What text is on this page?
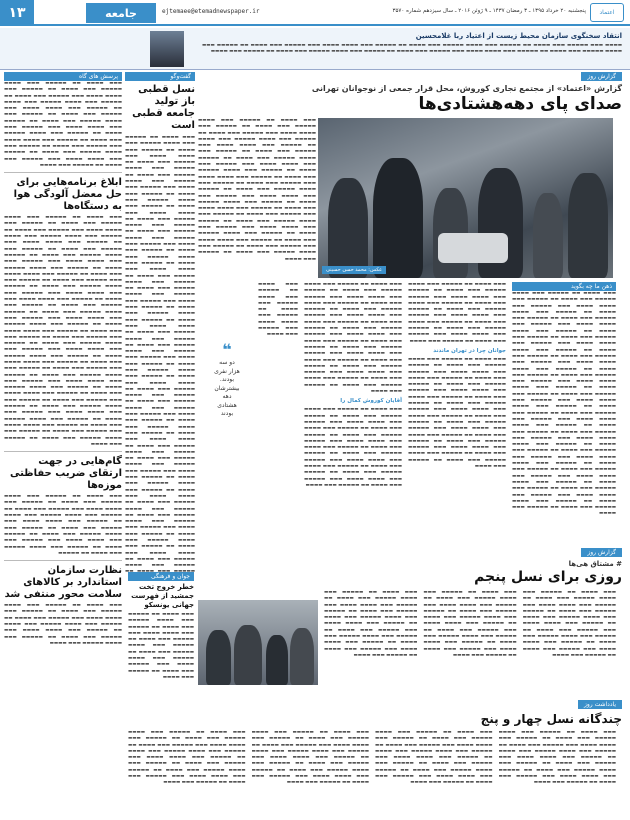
۱۳	جامعه	ejtemaee@etemadnewspaper.ir	پنجشنبه ۲۰ خرداد ۱۳۹۵ ـ ۳ رمضان ۱۴۳۷ ـ ۹ ژوئن ۲۰۱۶ ـ سال سیزدهم شماره ۳۵۷۰	اعتماد
انتقاد سخنگوی سازمان محیط زیست از اعتیاد ربا غلامحسین
▬▬▬▬ ▬▬▬ ▬▬▬▬▬ ▬▬▬ ▬▬▬▬ ▬▬ ▬▬▬▬▬ ▬▬▬ ▬▬▬▬ ▬▬▬▬▬ ▬▬▬ ▬▬▬▬ ▬▬ ▬▬▬▬▬ ▬▬▬ ▬▬▬▬ ▬▬▬▬ ▬▬▬ ▬▬▬▬▬ ▬▬▬ ▬▬▬▬ ▬▬ ▬▬▬▬▬ ▬▬▬ ▬▬▬▬ ▬▬▬▬▬ ▬▬▬ ▬▬▬▬ ▬▬ ▬▬▬▬▬ ▬▬▬ ▬▬▬▬ ▬▬▬▬ ▬▬▬ ▬▬▬▬▬ ▬▬▬ ▬▬▬▬ ▬▬ ▬▬▬▬▬ ▬▬▬ ▬▬▬▬ ▬▬▬▬▬ ▬▬▬ ▬▬▬▬ ▬▬ ▬▬▬▬▬ ▬▬▬ ▬▬▬▬
پرسش های گاه
▬▬▬ ▬▬▬▬ ▬▬ ▬▬▬▬▬ ▬▬▬ ▬▬▬▬ ▬▬▬▬▬ ▬▬▬ ▬▬▬▬ ▬▬ ▬▬▬▬▬ ▬▬▬ ▬▬▬▬ ▬▬▬▬ ▬▬▬ ▬▬▬▬▬ ▬▬▬ ▬▬▬▬ ▬▬ ▬▬▬▬▬ ▬▬▬ ▬▬▬▬ ▬▬▬▬▬ ▬▬▬ ▬▬▬▬ ▬▬ ▬▬▬▬▬ ▬▬▬ ▬▬▬▬ ▬▬▬▬ ▬▬▬ ▬▬▬▬▬ ▬▬▬ ▬▬▬▬ ▬▬ ▬▬▬▬▬ ▬▬▬ ▬▬▬▬ ▬▬▬▬▬ ▬▬▬ ▬▬▬▬ ▬▬ ▬▬▬▬▬ ▬▬▬ ▬▬▬▬ ▬▬▬▬ ▬▬▬ ▬▬▬▬▬ ▬▬▬ ▬▬▬▬ ▬▬ ▬▬▬▬▬ ▬▬▬ ▬▬▬▬ ▬▬▬▬▬ ▬▬▬ ▬▬▬▬ ▬▬ ▬▬▬▬▬ ▬▬▬ ▬▬▬▬ ▬▬▬▬ ▬▬▬ ▬▬▬▬▬ ▬▬▬ ▬▬▬▬ ▬▬ ▬▬▬▬▬ ▬▬▬ ▬▬▬▬ ▬▬▬▬▬ ▬▬▬ ▬▬▬▬ ▬▬ ▬▬▬▬▬ ▬▬▬ ▬▬▬▬ ▬▬▬▬ ▬▬▬ ▬▬▬▬▬ ▬▬▬ ▬▬▬▬ ▬▬ ▬▬▬▬▬ ▬▬▬ ▬▬▬▬
ابلاغ برنامه‌هایی برای حل معضل آلودگی هوا به دستگاه‌ها
▬▬▬ ▬▬▬▬ ▬▬ ▬▬▬▬▬ ▬▬▬ ▬▬▬▬ ▬▬▬▬▬ ▬▬▬ ▬▬▬▬ ▬▬ ▬▬▬▬▬ ▬▬▬ ▬▬▬▬ ▬▬▬▬ ▬▬▬ ▬▬▬▬▬ ▬▬▬ ▬▬▬▬ ▬▬ ▬▬▬▬▬ ▬▬▬ ▬▬▬▬ ▬▬▬▬▬ ▬▬▬ ▬▬▬▬ ▬▬ ▬▬▬▬▬ ▬▬▬ ▬▬▬▬ ▬▬▬▬ ▬▬▬ ▬▬▬▬▬ ▬▬▬ ▬▬▬▬ ▬▬ ▬▬▬▬▬ ▬▬▬ ▬▬▬▬ ▬▬▬▬▬ ▬▬▬ ▬▬▬▬ ▬▬ ▬▬▬▬▬ ▬▬▬ ▬▬▬▬ ▬▬▬▬ ▬▬▬ ▬▬▬▬▬ ▬▬▬ ▬▬▬▬ ▬▬ ▬▬▬▬▬ ▬▬▬ ▬▬▬▬ ▬▬▬▬▬ ▬▬▬ ▬▬▬▬ ▬▬ ▬▬▬▬▬ ▬▬▬ ▬▬▬▬ ▬▬▬▬ ▬▬▬ ▬▬▬▬▬ ▬▬▬ ▬▬▬▬ ▬▬ ▬▬▬▬▬ ▬▬▬ ▬▬▬▬ ▬▬▬▬▬ ▬▬▬ ▬▬▬▬ ▬▬ ▬▬▬▬▬ ▬▬▬ ▬▬▬▬ ▬▬▬▬ ▬▬▬ ▬▬▬▬▬ ▬▬▬ ▬▬▬▬ ▬▬ ▬▬▬▬▬ ▬▬▬ ▬▬▬▬ ▬▬▬▬ ▬▬▬ ▬▬▬▬▬ ▬▬▬ ▬▬▬▬ ▬▬ ▬▬▬▬▬ ▬▬▬ ▬▬▬▬ ▬▬▬▬▬ ▬▬▬ ▬▬▬▬ ▬▬ ▬▬▬▬▬ ▬▬▬ ▬▬▬▬ ▬▬▬▬ ▬▬▬ ▬▬▬▬▬ ▬▬▬ ▬▬▬▬ ▬▬ ▬▬▬▬▬ ▬▬▬ ▬▬▬▬ ▬▬▬▬▬ ▬▬▬ ▬▬▬▬ ▬▬ ▬▬▬▬▬ ▬▬▬ ▬▬▬▬ ▬▬▬▬ ▬▬▬ ▬▬▬▬▬ ▬▬▬ ▬▬▬▬ ▬▬ ▬▬▬▬▬ ▬▬▬ ▬▬▬▬ ▬▬▬▬▬ ▬▬▬ ▬▬▬▬ ▬▬ ▬▬▬▬▬ ▬▬▬ ▬▬▬▬ ▬▬▬▬ ▬▬▬ ▬▬▬▬▬ ▬▬▬ ▬▬▬▬ ▬▬ ▬▬▬▬▬ ▬▬▬ ▬▬▬▬ ▬▬▬▬▬ ▬▬▬ ▬▬▬▬ ▬▬ ▬▬▬▬▬ ▬▬▬ ▬▬▬▬ ▬▬▬▬ ▬▬▬ ▬▬▬▬▬ ▬▬▬ ▬▬▬▬ ▬▬ ▬▬▬▬▬ ▬▬▬ ▬▬▬▬ ▬▬▬▬▬ ▬▬▬ ▬▬▬▬ ▬▬ ▬▬▬▬▬ ▬▬▬ ▬▬▬▬ ▬▬▬▬ ▬▬▬ ▬▬▬▬▬ ▬▬▬ ▬▬▬▬ ▬▬ ▬▬▬▬▬ ▬▬▬ ▬▬▬▬ ▬▬▬▬▬ ▬▬▬ ▬▬▬▬ ▬▬ ▬▬▬▬▬ ▬▬▬ ▬▬▬▬ ▬▬▬▬ ▬▬▬ ▬▬▬▬▬ ▬▬▬ ▬▬▬▬ ▬▬ ▬▬▬▬▬ ▬▬▬ ▬▬▬▬ ▬▬▬▬▬ ▬▬▬ ▬▬▬▬ ▬▬ ▬▬▬▬▬ ▬▬▬ ▬▬▬▬ ▬▬▬▬ ▬▬▬ ▬▬▬▬▬ ▬▬▬ ▬▬▬▬ ▬▬ ▬▬▬▬▬ ▬▬▬ ▬▬▬▬ ▬▬▬▬▬ ▬▬▬ ▬▬▬▬ ▬▬ ▬▬▬▬▬ ▬▬▬ ▬▬▬▬ ▬▬▬▬ ▬▬▬ ▬▬▬▬▬ ▬▬▬ ▬▬▬▬ ▬▬ ▬▬▬▬▬ ▬▬▬ ▬▬▬▬ ▬▬▬▬▬ ▬▬▬ ▬▬▬▬ ▬▬ ▬▬▬▬▬ ▬▬▬ ▬▬▬▬
گام‌هایی در جهت ارتقای ضریب حفاظتی موزه‌ها
▬▬▬ ▬▬▬▬ ▬▬ ▬▬▬▬▬ ▬▬▬ ▬▬▬▬ ▬▬▬▬▬ ▬▬▬ ▬▬▬▬ ▬▬ ▬▬▬▬▬ ▬▬▬ ▬▬▬▬ ▬▬▬▬ ▬▬▬ ▬▬▬▬▬ ▬▬▬ ▬▬▬▬ ▬▬ ▬▬▬▬▬ ▬▬▬ ▬▬▬▬ ▬▬▬▬▬ ▬▬▬ ▬▬▬▬ ▬▬ ▬▬▬▬▬ ▬▬▬ ▬▬▬▬ ▬▬▬▬ ▬▬▬ ▬▬▬▬▬ ▬▬▬ ▬▬▬▬ ▬▬ ▬▬▬▬▬ ▬▬▬ ▬▬▬▬ ▬▬▬▬▬ ▬▬▬ ▬▬▬▬ ▬▬ ▬▬▬▬▬ ▬▬▬ ▬▬▬▬ ▬▬▬▬ ▬▬▬ ▬▬▬▬▬ ▬▬▬ ▬▬▬▬ ▬▬ ▬▬▬▬▬ ▬▬▬ ▬▬▬▬ ▬▬▬▬▬ ▬▬▬ ▬▬▬▬ ▬▬ ▬▬▬▬▬
نظارت سازمان استاندارد بر کالاهای سلامت محور منتفی شد
▬▬▬ ▬▬▬▬ ▬▬ ▬▬▬▬▬ ▬▬▬ ▬▬▬▬ ▬▬▬▬▬ ▬▬▬ ▬▬▬▬ ▬▬ ▬▬▬▬▬ ▬▬▬ ▬▬▬▬ ▬▬▬▬ ▬▬▬ ▬▬▬▬▬ ▬▬▬ ▬▬▬▬ ▬▬ ▬▬▬▬▬ ▬▬▬ ▬▬▬▬ ▬▬▬▬▬ ▬▬▬ ▬▬▬▬ ▬▬ ▬▬▬▬▬ ▬▬▬ ▬▬▬▬ ▬▬▬▬ ▬▬▬ ▬▬▬▬▬ ▬▬▬ ▬▬▬▬ ▬▬ ▬▬▬▬▬ ▬▬▬ ▬▬▬▬ ▬▬▬▬▬ ▬▬▬ ▬▬▬▬
گفت‌وگو
نسل قطبی باز تولید جامعه قطبی است
▬▬▬ ▬▬▬▬ ▬▬ ▬▬▬▬▬ ▬▬▬ ▬▬▬▬ ▬▬▬▬▬ ▬▬▬ ▬▬▬▬ ▬▬ ▬▬▬▬▬ ▬▬▬ ▬▬▬▬ ▬▬▬▬ ▬▬▬ ▬▬▬▬▬ ▬▬▬ ▬▬▬▬ ▬▬ ▬▬▬▬▬ ▬▬▬ ▬▬▬▬ ▬▬▬▬▬ ▬▬▬ ▬▬▬▬ ▬▬ ▬▬▬▬▬ ▬▬▬ ▬▬▬▬ ▬▬▬▬ ▬▬▬ ▬▬▬▬▬ ▬▬▬ ▬▬▬▬ ▬▬ ▬▬▬▬▬ ▬▬▬ ▬▬▬▬ ▬▬▬▬▬ ▬▬▬ ▬▬▬▬ ▬▬ ▬▬▬▬▬ ▬▬▬ ▬▬▬▬ ▬▬▬▬ ▬▬▬ ▬▬▬▬▬ ▬▬▬ ▬▬▬▬ ▬▬ ▬▬▬▬▬ ▬▬▬ ▬▬▬▬ ▬▬▬▬▬ ▬▬▬ ▬▬▬▬ ▬▬ ▬▬▬▬▬ ▬▬▬ ▬▬▬▬ ▬▬▬▬ ▬▬▬ ▬▬▬▬▬ ▬▬▬ ▬▬▬▬ ▬▬ ▬▬▬▬▬ ▬▬▬ ▬▬▬▬ ▬▬▬▬▬ ▬▬▬ ▬▬▬▬ ▬▬ ▬▬▬▬▬ ▬▬▬ ▬▬▬▬ ▬▬▬▬ ▬▬▬ ▬▬▬▬▬ ▬▬▬ ▬▬▬▬ ▬▬ ▬▬▬▬▬ ▬▬▬ ▬▬▬▬ ▬▬▬▬▬ ▬▬▬ ▬▬▬▬ ▬▬ ▬▬▬▬▬ ▬▬▬ ▬▬▬▬ ▬▬▬▬ ▬▬▬ ▬▬▬▬▬ ▬▬▬ ▬▬▬▬ ▬▬ ▬▬▬▬▬ ▬▬▬ ▬▬▬▬ ▬▬▬▬▬ ▬▬▬ ▬▬▬▬ ▬▬ ▬▬▬▬▬ ▬▬▬ ▬▬▬▬ ▬▬▬▬ ▬▬▬ ▬▬▬▬▬ ▬▬▬ ▬▬▬▬ ▬▬ ▬▬▬▬▬ ▬▬▬ ▬▬▬▬ ▬▬▬▬▬ ▬▬▬ ▬▬▬▬ ▬▬ ▬▬▬▬▬ ▬▬▬ ▬▬▬▬ ▬▬▬▬ ▬▬▬ ▬▬▬▬▬ ▬▬▬ ▬▬▬▬ ▬▬ ▬▬▬▬▬ ▬▬▬ ▬▬▬▬ ▬▬▬▬▬ ▬▬▬ ▬▬▬▬ ▬▬ ▬▬▬▬▬ ▬▬▬ ▬▬▬▬ ▬▬▬▬ ▬▬▬ ▬▬▬▬▬ ▬▬▬ ▬▬▬▬ ▬▬ ▬▬▬▬▬ ▬▬▬ ▬▬▬▬ ▬▬▬▬▬ ▬▬▬ ▬▬▬▬ ▬▬ ▬▬▬▬▬ ▬▬▬ ▬▬▬▬ ▬▬▬▬ ▬▬▬ ▬▬▬▬▬ ▬▬▬ ▬▬▬▬ ▬▬ ▬▬▬▬▬ ▬▬▬ ▬▬▬▬ ▬▬▬▬▬ ▬▬▬ ▬▬▬▬ ▬▬ ▬▬▬▬▬ ▬▬▬ ▬▬▬▬ ▬▬▬▬ ▬▬▬ ▬▬▬▬▬ ▬▬▬ ▬▬▬▬ ▬▬ ▬▬▬▬▬ ▬▬▬ ▬▬▬▬ ▬▬▬▬▬ ▬▬▬ ▬▬▬▬ ▬▬ ▬▬▬▬▬ ▬▬▬ ▬▬▬▬ ▬▬▬▬ ▬▬▬ ▬▬▬▬▬ ▬▬▬ ▬▬▬▬ ▬▬ ▬▬▬▬▬ ▬▬▬ ▬▬▬▬ ▬▬▬▬▬ ▬▬▬ ▬▬▬▬ ▬▬ ▬▬▬▬▬ ▬▬▬ ▬▬▬▬ ▬▬▬▬ ▬▬▬ ▬▬▬▬▬ ▬▬▬ ▬▬▬▬ ▬▬ ▬▬▬▬▬ ▬▬▬ ▬▬▬▬ ▬▬▬▬▬ ▬▬▬ ▬▬▬▬ ▬▬ ▬▬▬▬▬ ▬▬▬ ▬▬▬▬ ▬▬▬▬ ▬▬▬ ▬▬▬▬▬ ▬▬▬ ▬▬▬▬ ▬▬ ▬▬▬▬▬ ▬▬▬ ▬▬▬▬ ▬▬▬▬▬ ▬▬▬ ▬▬▬▬ ▬▬ ▬▬▬▬▬ ▬▬▬ ▬▬▬▬ ▬▬▬▬ ▬▬▬ ▬▬▬▬▬ ▬▬▬ ▬▬▬▬ ▬▬ ▬▬▬▬▬ ▬▬▬ ▬▬▬▬ ▬▬▬▬▬ ▬▬▬ ▬▬▬▬ ▬▬
گزارش روز
گزارش «اعتماد» از مجتمع تجاری کوروش، محل قرار جمعی از نوجوانان تهرانی
صدای پای دهه‌هشتادی‌ها
عکس: محمد حسن حسینی
▬▬▬ ▬▬▬▬ ▬▬ ▬▬▬▬▬ ▬▬▬ ▬▬▬▬ ▬▬▬▬▬ ▬▬▬ ▬▬▬▬ ▬▬ ▬▬▬▬▬ ▬▬▬ ▬▬▬▬ ▬▬▬▬ ▬▬▬ ▬▬▬▬▬ ▬▬▬ ▬▬▬▬ ▬▬ ▬▬▬▬▬ ▬▬▬ ▬▬▬▬ ▬▬▬▬▬ ▬▬▬ ▬▬▬▬ ▬▬ ▬▬▬▬▬ ▬▬▬ ▬▬▬▬ ▬▬▬▬ ▬▬▬ ▬▬▬▬▬ ▬▬▬ ▬▬▬▬ ▬▬ ▬▬▬▬▬ ▬▬▬ ▬▬▬▬ ▬▬▬▬▬ ▬▬▬ ▬▬▬▬ ▬▬ ▬▬▬▬▬ ▬▬▬ ▬▬▬▬ ▬▬▬▬ ▬▬▬ ▬▬▬▬▬ ▬▬▬ ▬▬▬▬ ▬▬ ▬▬▬▬▬ ▬▬▬ ▬▬▬▬ ▬▬▬▬▬ ▬▬▬ ▬▬▬▬ ▬▬ ▬▬▬▬▬ ▬▬▬ ▬▬▬▬ ▬▬▬▬ ▬▬▬ ▬▬▬▬▬ ▬▬▬ ▬▬▬▬ ▬▬ ▬▬▬▬▬ ▬▬▬ ▬▬▬▬ ▬▬▬▬▬ ▬▬▬ ▬▬▬▬ ▬▬ ▬▬▬▬▬ ▬▬▬ ▬▬▬▬ ▬▬▬▬ ▬▬▬ ▬▬▬▬▬ ▬▬▬ ▬▬▬▬ ▬▬ ▬▬▬▬▬ ▬▬▬ ▬▬▬▬ ▬▬▬▬▬ ▬▬▬ ▬▬▬▬ ▬▬ ▬▬▬▬▬ ▬▬▬ ▬▬▬▬ ▬▬▬▬ ▬▬▬ ▬▬▬▬▬ ▬▬▬ ▬▬▬▬ ▬▬ ▬▬▬▬▬ ▬▬▬ ▬▬▬▬ ▬▬▬▬▬ ▬▬▬ ▬▬▬▬ ▬▬ ▬▬▬▬▬ ▬▬▬ ▬▬▬▬ ▬▬▬▬ ▬▬▬ ▬▬▬▬▬ ▬▬▬ ▬▬▬▬ ▬▬ ▬▬▬▬▬ ▬▬▬ ▬▬▬▬ ▬▬▬▬▬ ▬▬▬ ▬▬▬▬ ▬▬ ▬▬▬▬▬ ▬▬▬ ▬▬▬▬ ▬▬▬▬ ▬▬▬ ▬▬▬▬▬ ▬▬▬ ▬▬▬▬ ▬▬ ▬▬▬▬▬ ▬▬▬ ▬▬▬▬ ▬▬▬▬▬ ▬▬▬ ▬▬▬▬ ▬▬ ▬▬▬▬▬ ▬▬▬ ▬▬▬▬
ذهن ما چه بگوید
▬▬▬ ▬▬▬▬ ▬▬ ▬▬▬▬▬ ▬▬▬ ▬▬▬▬ ▬▬▬▬▬ ▬▬▬ ▬▬▬▬ ▬▬ ▬▬▬▬▬ ▬▬▬ ▬▬▬▬ ▬▬▬▬ ▬▬▬ ▬▬▬▬▬ ▬▬▬ ▬▬▬▬ ▬▬ ▬▬▬▬▬ ▬▬▬ ▬▬▬▬ ▬▬▬▬▬ ▬▬▬ ▬▬▬▬ ▬▬ ▬▬▬▬▬ ▬▬▬ ▬▬▬▬ ▬▬▬▬ ▬▬▬ ▬▬▬▬▬ ▬▬▬ ▬▬▬▬ ▬▬ ▬▬▬▬▬ ▬▬▬ ▬▬▬▬ ▬▬▬▬▬ ▬▬▬ ▬▬▬▬ ▬▬ ▬▬▬▬▬ ▬▬▬ ▬▬▬▬ ▬▬▬▬ ▬▬▬ ▬▬▬▬▬ ▬▬▬ ▬▬▬▬ ▬▬ ▬▬▬▬▬ ▬▬▬ ▬▬▬▬ ▬▬▬▬▬ ▬▬▬ ▬▬▬▬ ▬▬ ▬▬▬▬▬ ▬▬▬ ▬▬▬▬ ▬▬▬▬ ▬▬▬ ▬▬▬▬▬ ▬▬▬ ▬▬▬▬ ▬▬ ▬▬▬▬▬ ▬▬▬ ▬▬▬▬ ▬▬▬▬▬ ▬▬▬ ▬▬▬▬ ▬▬ ▬▬▬▬▬ ▬▬▬ ▬▬▬▬ ▬▬▬▬ ▬▬▬ ▬▬▬▬▬ ▬▬▬ ▬▬▬▬ ▬▬ ▬▬▬▬▬ ▬▬▬ ▬▬▬▬ ▬▬▬▬▬ ▬▬▬ ▬▬▬▬ ▬▬ ▬▬▬▬▬ ▬▬▬ ▬▬▬▬ ▬▬▬▬ ▬▬▬ ▬▬▬▬▬ ▬▬▬ ▬▬▬▬ ▬▬ ▬▬▬▬▬ ▬▬▬ ▬▬▬▬ ▬▬▬▬▬ ▬▬▬ ▬▬▬▬ ▬▬ ▬▬▬▬▬ ▬▬▬ ▬▬▬▬ ▬▬▬▬ ▬▬▬ ▬▬▬▬▬ ▬▬▬ ▬▬▬▬ ▬▬ ▬▬▬▬▬ ▬▬▬ ▬▬▬▬ ▬▬▬▬▬ ▬▬▬ ▬▬▬▬ ▬▬ ▬▬▬▬▬ ▬▬▬ ▬▬▬▬ ▬▬▬▬ ▬▬▬ ▬▬▬▬▬ ▬▬▬ ▬▬▬▬ ▬▬ ▬▬▬▬▬ ▬▬▬ ▬▬▬▬ ▬▬▬▬▬ ▬▬▬ ▬▬▬▬ ▬▬ ▬▬▬▬▬ ▬▬▬ ▬▬▬▬ ▬▬▬▬ ▬▬▬ ▬▬▬▬▬ ▬▬▬ ▬▬▬▬ ▬▬ ▬▬▬▬▬ ▬▬▬ ▬▬▬▬ ▬▬▬▬▬ ▬▬▬ ▬▬▬▬ ▬▬ ▬▬▬▬▬ ▬▬▬ ▬▬▬▬ ▬▬▬▬ ▬▬▬ ▬▬▬▬▬ ▬▬▬ ▬▬▬▬ ▬▬ ▬▬▬▬▬ ▬▬▬ ▬▬▬▬ ▬▬▬▬▬ ▬▬▬ ▬▬▬▬ ▬▬ ▬▬▬▬▬ ▬▬▬ ▬▬▬▬ ▬▬▬▬ ▬▬▬ ▬▬▬▬▬ ▬▬▬ ▬▬▬▬ ▬▬ ▬▬▬▬▬ ▬▬▬ ▬▬▬▬ ▬▬▬▬▬ ▬▬▬ ▬▬▬▬ ▬▬ ▬▬▬▬▬ ▬▬▬ ▬▬▬▬
▬▬▬ ▬▬▬▬ ▬▬ ▬▬▬▬▬ ▬▬▬ ▬▬▬▬ ▬▬▬▬▬ ▬▬▬ ▬▬▬▬ ▬▬ ▬▬▬▬▬ ▬▬▬ ▬▬▬▬ ▬▬▬▬ ▬▬▬ ▬▬▬▬▬ ▬▬▬ ▬▬▬▬ ▬▬ ▬▬▬▬▬ ▬▬▬ ▬▬▬▬ ▬▬▬▬▬ ▬▬▬ ▬▬▬▬ ▬▬ ▬▬▬▬▬ ▬▬▬ ▬▬▬▬ ▬▬▬▬ ▬▬▬ ▬▬▬▬▬ ▬▬▬ ▬▬▬▬ ▬▬ ▬▬▬▬▬ ▬▬▬ ▬▬▬▬ ▬▬▬▬▬ ▬▬▬ ▬▬▬▬ ▬▬ ▬▬▬▬▬ ▬▬▬ ▬▬▬▬ ▬▬▬▬ ▬▬▬ ▬▬▬▬▬ ▬▬▬ ▬▬▬▬ ▬▬ ▬▬▬▬▬ ▬▬▬ ▬▬▬▬
جوانان چرا در تهران ماندند
▬▬▬ ▬▬▬▬ ▬▬ ▬▬▬▬▬ ▬▬▬ ▬▬▬▬ ▬▬▬▬▬ ▬▬▬ ▬▬▬▬ ▬▬ ▬▬▬▬▬ ▬▬▬ ▬▬▬▬ ▬▬▬▬ ▬▬▬ ▬▬▬▬▬ ▬▬▬ ▬▬▬▬ ▬▬ ▬▬▬▬▬ ▬▬▬ ▬▬▬▬ ▬▬▬▬▬ ▬▬▬ ▬▬▬▬ ▬▬ ▬▬▬▬▬ ▬▬▬ ▬▬▬▬ ▬▬▬▬ ▬▬▬ ▬▬▬▬▬ ▬▬▬ ▬▬▬▬ ▬▬ ▬▬▬▬▬ ▬▬▬ ▬▬▬▬ ▬▬▬▬▬ ▬▬▬ ▬▬▬▬ ▬▬ ▬▬▬▬▬ ▬▬▬ ▬▬▬▬ ▬▬▬▬ ▬▬▬ ▬▬▬▬▬ ▬▬▬ ▬▬▬▬ ▬▬ ▬▬▬▬▬ ▬▬▬ ▬▬▬▬ ▬▬▬▬▬ ▬▬▬ ▬▬▬▬ ▬▬ ▬▬▬▬▬ ▬▬▬ ▬▬▬▬ ▬▬▬▬ ▬▬▬ ▬▬▬▬▬ ▬▬▬ ▬▬▬▬ ▬▬ ▬▬▬▬▬ ▬▬▬ ▬▬▬▬ ▬▬▬▬▬ ▬▬▬ ▬▬▬▬ ▬▬ ▬▬▬▬▬ ▬▬▬ ▬▬▬▬ ▬▬▬▬ ▬▬▬ ▬▬▬▬▬ ▬▬▬ ▬▬▬▬ ▬▬ ▬▬▬▬▬ ▬▬▬ ▬▬▬▬ ▬▬▬▬▬ ▬▬▬ ▬▬▬▬ ▬▬ ▬▬▬▬▬ ▬▬▬ ▬▬▬▬
▬▬▬ ▬▬▬▬ ▬▬ ▬▬▬▬▬ ▬▬▬ ▬▬▬▬ ▬▬▬▬▬ ▬▬▬ ▬▬▬▬ ▬▬ ▬▬▬▬▬ ▬▬▬ ▬▬▬▬ ▬▬▬▬ ▬▬▬ ▬▬▬▬▬ ▬▬▬ ▬▬▬▬ ▬▬ ▬▬▬▬▬ ▬▬▬ ▬▬▬▬ ▬▬▬▬▬ ▬▬▬ ▬▬▬▬ ▬▬ ▬▬▬▬▬ ▬▬▬ ▬▬▬▬ ▬▬▬▬ ▬▬▬ ▬▬▬▬▬ ▬▬▬ ▬▬▬▬ ▬▬ ▬▬▬▬▬ ▬▬▬ ▬▬▬▬ ▬▬▬▬▬ ▬▬▬ ▬▬▬▬ ▬▬ ▬▬▬▬▬ ▬▬▬ ▬▬▬▬ ▬▬▬▬ ▬▬▬ ▬▬▬▬▬ ▬▬▬ ▬▬▬▬ ▬▬ ▬▬▬▬▬ ▬▬▬ ▬▬▬▬ ▬▬▬▬▬ ▬▬▬ ▬▬▬▬ ▬▬ ▬▬▬▬▬ ▬▬▬ ▬▬▬▬ ▬▬▬▬ ▬▬▬ ▬▬▬▬▬ ▬▬▬ ▬▬▬▬ ▬▬ ▬▬▬▬▬ ▬▬▬ ▬▬▬▬ ▬▬▬▬▬ ▬▬▬ ▬▬▬▬ ▬▬ ▬▬▬▬▬ ▬▬▬ ▬▬▬▬ ▬▬▬▬ ▬▬▬ ▬▬▬▬▬ ▬▬▬ ▬▬▬▬ ▬▬ ▬▬▬▬▬ ▬▬▬ ▬▬▬▬ ▬▬▬▬▬ ▬▬▬ ▬▬▬▬ ▬▬ ▬▬▬▬▬ ▬▬▬ ▬▬▬▬
آقایان کوروش کمال را
▬▬▬ ▬▬▬▬ ▬▬ ▬▬▬▬▬ ▬▬▬ ▬▬▬▬ ▬▬▬▬▬ ▬▬▬ ▬▬▬▬ ▬▬ ▬▬▬▬▬ ▬▬▬ ▬▬▬▬ ▬▬▬▬ ▬▬▬ ▬▬▬▬▬ ▬▬▬ ▬▬▬▬ ▬▬ ▬▬▬▬▬ ▬▬▬ ▬▬▬▬ ▬▬▬▬▬ ▬▬▬ ▬▬▬▬ ▬▬ ▬▬▬▬▬ ▬▬▬ ▬▬▬▬ ▬▬▬▬ ▬▬▬ ▬▬▬▬▬ ▬▬▬ ▬▬▬▬ ▬▬ ▬▬▬▬▬ ▬▬▬ ▬▬▬▬ ▬▬▬▬▬ ▬▬▬ ▬▬▬▬ ▬▬ ▬▬▬▬▬ ▬▬▬ ▬▬▬▬ ▬▬▬▬ ▬▬▬ ▬▬▬▬▬ ▬▬▬ ▬▬▬▬ ▬▬ ▬▬▬▬▬ ▬▬▬ ▬▬▬▬ ▬▬▬▬▬ ▬▬▬ ▬▬▬▬ ▬▬ ▬▬▬▬▬ ▬▬▬ ▬▬▬▬ ▬▬▬▬ ▬▬▬ ▬▬▬▬▬ ▬▬▬ ▬▬▬▬ ▬▬ ▬▬▬▬▬ ▬▬▬ ▬▬▬▬
▬▬▬ ▬▬▬▬ ▬▬ ▬▬▬▬▬ ▬▬▬ ▬▬▬▬ ▬▬▬▬▬ ▬▬▬ ▬▬▬▬ ▬▬ ▬▬▬▬▬ ▬▬▬ ▬▬▬▬ ▬▬▬▬ ▬▬▬ ▬▬▬▬▬ ▬▬▬ ▬▬▬▬
❝
دو سه
هزار نفری
بودند.
بیشترشان
دهه
هشتادی
بودند
گزارش روز
# مشتاق هی‌ها
روزی برای نسل پنجم
▬▬▬ ▬▬▬▬ ▬▬ ▬▬▬▬▬ ▬▬▬ ▬▬▬▬ ▬▬▬▬▬ ▬▬▬ ▬▬▬▬ ▬▬ ▬▬▬▬▬ ▬▬▬ ▬▬▬▬ ▬▬▬▬ ▬▬▬ ▬▬▬▬▬ ▬▬▬ ▬▬▬▬ ▬▬ ▬▬▬▬▬ ▬▬▬ ▬▬▬▬ ▬▬▬▬▬ ▬▬▬ ▬▬▬▬ ▬▬ ▬▬▬▬▬ ▬▬▬ ▬▬▬▬ ▬▬▬▬ ▬▬▬ ▬▬▬▬▬ ▬▬▬ ▬▬▬▬ ▬▬ ▬▬▬▬▬ ▬▬▬ ▬▬▬▬ ▬▬▬▬▬ ▬▬▬ ▬▬▬▬ ▬▬ ▬▬▬▬▬ ▬▬▬ ▬▬▬▬ ▬▬▬▬ ▬▬▬ ▬▬▬▬▬ ▬▬▬ ▬▬▬▬ ▬▬ ▬▬▬▬▬ ▬▬▬ ▬▬▬▬
▬▬▬ ▬▬▬▬ ▬▬ ▬▬▬▬▬ ▬▬▬ ▬▬▬▬ ▬▬▬▬▬ ▬▬▬ ▬▬▬▬ ▬▬ ▬▬▬▬▬ ▬▬▬ ▬▬▬▬ ▬▬▬▬ ▬▬▬ ▬▬▬▬▬ ▬▬▬ ▬▬▬▬ ▬▬ ▬▬▬▬▬ ▬▬▬ ▬▬▬▬ ▬▬▬▬▬ ▬▬▬ ▬▬▬▬ ▬▬ ▬▬▬▬▬ ▬▬▬ ▬▬▬▬ ▬▬▬▬ ▬▬▬ ▬▬▬▬▬ ▬▬▬ ▬▬▬▬ ▬▬ ▬▬▬▬▬ ▬▬▬ ▬▬▬▬ ▬▬▬▬▬ ▬▬▬ ▬▬▬▬ ▬▬ ▬▬▬▬▬ ▬▬▬ ▬▬▬▬ ▬▬▬▬ ▬▬▬ ▬▬▬▬▬ ▬▬▬ ▬▬▬▬ ▬▬ ▬▬▬▬▬ ▬▬▬ ▬▬▬▬
▬▬▬ ▬▬▬▬ ▬▬ ▬▬▬▬▬ ▬▬▬ ▬▬▬▬ ▬▬▬▬▬ ▬▬▬ ▬▬▬▬ ▬▬ ▬▬▬▬▬ ▬▬▬ ▬▬▬▬ ▬▬▬▬ ▬▬▬ ▬▬▬▬▬ ▬▬▬ ▬▬▬▬ ▬▬ ▬▬▬▬▬ ▬▬▬ ▬▬▬▬ ▬▬▬▬▬ ▬▬▬ ▬▬▬▬ ▬▬ ▬▬▬▬▬ ▬▬▬ ▬▬▬▬ ▬▬▬▬ ▬▬▬ ▬▬▬▬▬ ▬▬▬ ▬▬▬▬ ▬▬ ▬▬▬▬▬ ▬▬▬ ▬▬▬▬ ▬▬▬▬▬ ▬▬▬ ▬▬▬▬ ▬▬ ▬▬▬▬▬ ▬▬▬ ▬▬▬▬ ▬▬▬▬ ▬▬▬ ▬▬▬▬▬ ▬▬▬ ▬▬▬▬ ▬▬ ▬▬▬▬▬ ▬▬▬ ▬▬▬▬
جوان و فرهنگی
خطر خروج تخت جمشید از فهرست جهانی یونسکو
▬▬▬ ▬▬▬▬ ▬▬ ▬▬▬▬▬ ▬▬▬ ▬▬▬▬ ▬▬▬▬▬ ▬▬▬ ▬▬▬▬ ▬▬ ▬▬▬▬▬ ▬▬▬ ▬▬▬▬ ▬▬▬▬ ▬▬▬ ▬▬▬▬▬ ▬▬▬ ▬▬▬▬ ▬▬ ▬▬▬▬▬ ▬▬▬ ▬▬▬▬ ▬▬▬▬▬ ▬▬▬ ▬▬▬▬ ▬▬ ▬▬▬▬▬ ▬▬▬ ▬▬▬▬ ▬▬▬▬ ▬▬▬ ▬▬▬▬▬ ▬▬▬ ▬▬▬▬ ▬▬ ▬▬▬▬▬ ▬▬▬ ▬▬▬▬
یادداشت روز
چندگانه نسل چهار و پنج
▬▬▬ ▬▬▬▬ ▬▬ ▬▬▬▬▬ ▬▬▬ ▬▬▬▬ ▬▬▬▬▬ ▬▬▬ ▬▬▬▬ ▬▬ ▬▬▬▬▬ ▬▬▬ ▬▬▬▬ ▬▬▬▬ ▬▬▬ ▬▬▬▬▬ ▬▬▬ ▬▬▬▬ ▬▬ ▬▬▬▬▬ ▬▬▬ ▬▬▬▬ ▬▬▬▬▬ ▬▬▬ ▬▬▬▬ ▬▬ ▬▬▬▬▬ ▬▬▬ ▬▬▬▬ ▬▬▬▬ ▬▬▬ ▬▬▬▬▬ ▬▬▬ ▬▬▬▬ ▬▬ ▬▬▬▬▬ ▬▬▬ ▬▬▬▬ ▬▬▬▬▬ ▬▬▬ ▬▬▬▬ ▬▬ ▬▬▬▬▬ ▬▬▬ ▬▬▬▬ ▬▬▬▬ ▬▬▬ ▬▬▬▬▬ ▬▬▬ ▬▬▬▬ ▬▬ ▬▬▬▬▬ ▬▬▬ ▬▬▬▬
▬▬▬ ▬▬▬▬ ▬▬ ▬▬▬▬▬ ▬▬▬ ▬▬▬▬ ▬▬▬▬▬ ▬▬▬ ▬▬▬▬ ▬▬ ▬▬▬▬▬ ▬▬▬ ▬▬▬▬ ▬▬▬▬ ▬▬▬ ▬▬▬▬▬ ▬▬▬ ▬▬▬▬ ▬▬ ▬▬▬▬▬ ▬▬▬ ▬▬▬▬ ▬▬▬▬▬ ▬▬▬ ▬▬▬▬ ▬▬ ▬▬▬▬▬ ▬▬▬ ▬▬▬▬ ▬▬▬▬ ▬▬▬ ▬▬▬▬▬ ▬▬▬ ▬▬▬▬ ▬▬ ▬▬▬▬▬ ▬▬▬ ▬▬▬▬ ▬▬▬▬▬ ▬▬▬ ▬▬▬▬ ▬▬ ▬▬▬▬▬ ▬▬▬ ▬▬▬▬ ▬▬▬▬ ▬▬▬ ▬▬▬▬▬ ▬▬▬ ▬▬▬▬ ▬▬ ▬▬▬▬▬ ▬▬▬ ▬▬▬▬
▬▬▬ ▬▬▬▬ ▬▬ ▬▬▬▬▬ ▬▬▬ ▬▬▬▬ ▬▬▬▬▬ ▬▬▬ ▬▬▬▬ ▬▬ ▬▬▬▬▬ ▬▬▬ ▬▬▬▬ ▬▬▬▬ ▬▬▬ ▬▬▬▬▬ ▬▬▬ ▬▬▬▬ ▬▬ ▬▬▬▬▬ ▬▬▬ ▬▬▬▬ ▬▬▬▬▬ ▬▬▬ ▬▬▬▬ ▬▬ ▬▬▬▬▬ ▬▬▬ ▬▬▬▬ ▬▬▬▬ ▬▬▬ ▬▬▬▬▬ ▬▬▬ ▬▬▬▬ ▬▬ ▬▬▬▬▬ ▬▬▬ ▬▬▬▬ ▬▬▬▬▬ ▬▬▬ ▬▬▬▬ ▬▬ ▬▬▬▬▬ ▬▬▬ ▬▬▬▬ ▬▬▬▬ ▬▬▬ ▬▬▬▬▬ ▬▬▬ ▬▬▬▬ ▬▬ ▬▬▬▬▬ ▬▬▬ ▬▬▬▬
▬▬▬ ▬▬▬▬ ▬▬ ▬▬▬▬▬ ▬▬▬ ▬▬▬▬ ▬▬▬▬▬ ▬▬▬ ▬▬▬▬ ▬▬ ▬▬▬▬▬ ▬▬▬ ▬▬▬▬ ▬▬▬▬ ▬▬▬ ▬▬▬▬▬ ▬▬▬ ▬▬▬▬ ▬▬ ▬▬▬▬▬ ▬▬▬ ▬▬▬▬ ▬▬▬▬▬ ▬▬▬ ▬▬▬▬ ▬▬ ▬▬▬▬▬ ▬▬▬ ▬▬▬▬ ▬▬▬▬ ▬▬▬ ▬▬▬▬▬ ▬▬▬ ▬▬▬▬ ▬▬ ▬▬▬▬▬ ▬▬▬ ▬▬▬▬ ▬▬▬▬▬ ▬▬▬ ▬▬▬▬ ▬▬ ▬▬▬▬▬ ▬▬▬ ▬▬▬▬ ▬▬▬▬ ▬▬▬ ▬▬▬▬▬ ▬▬▬ ▬▬▬▬ ▬▬ ▬▬▬▬▬ ▬▬▬ ▬▬▬▬
